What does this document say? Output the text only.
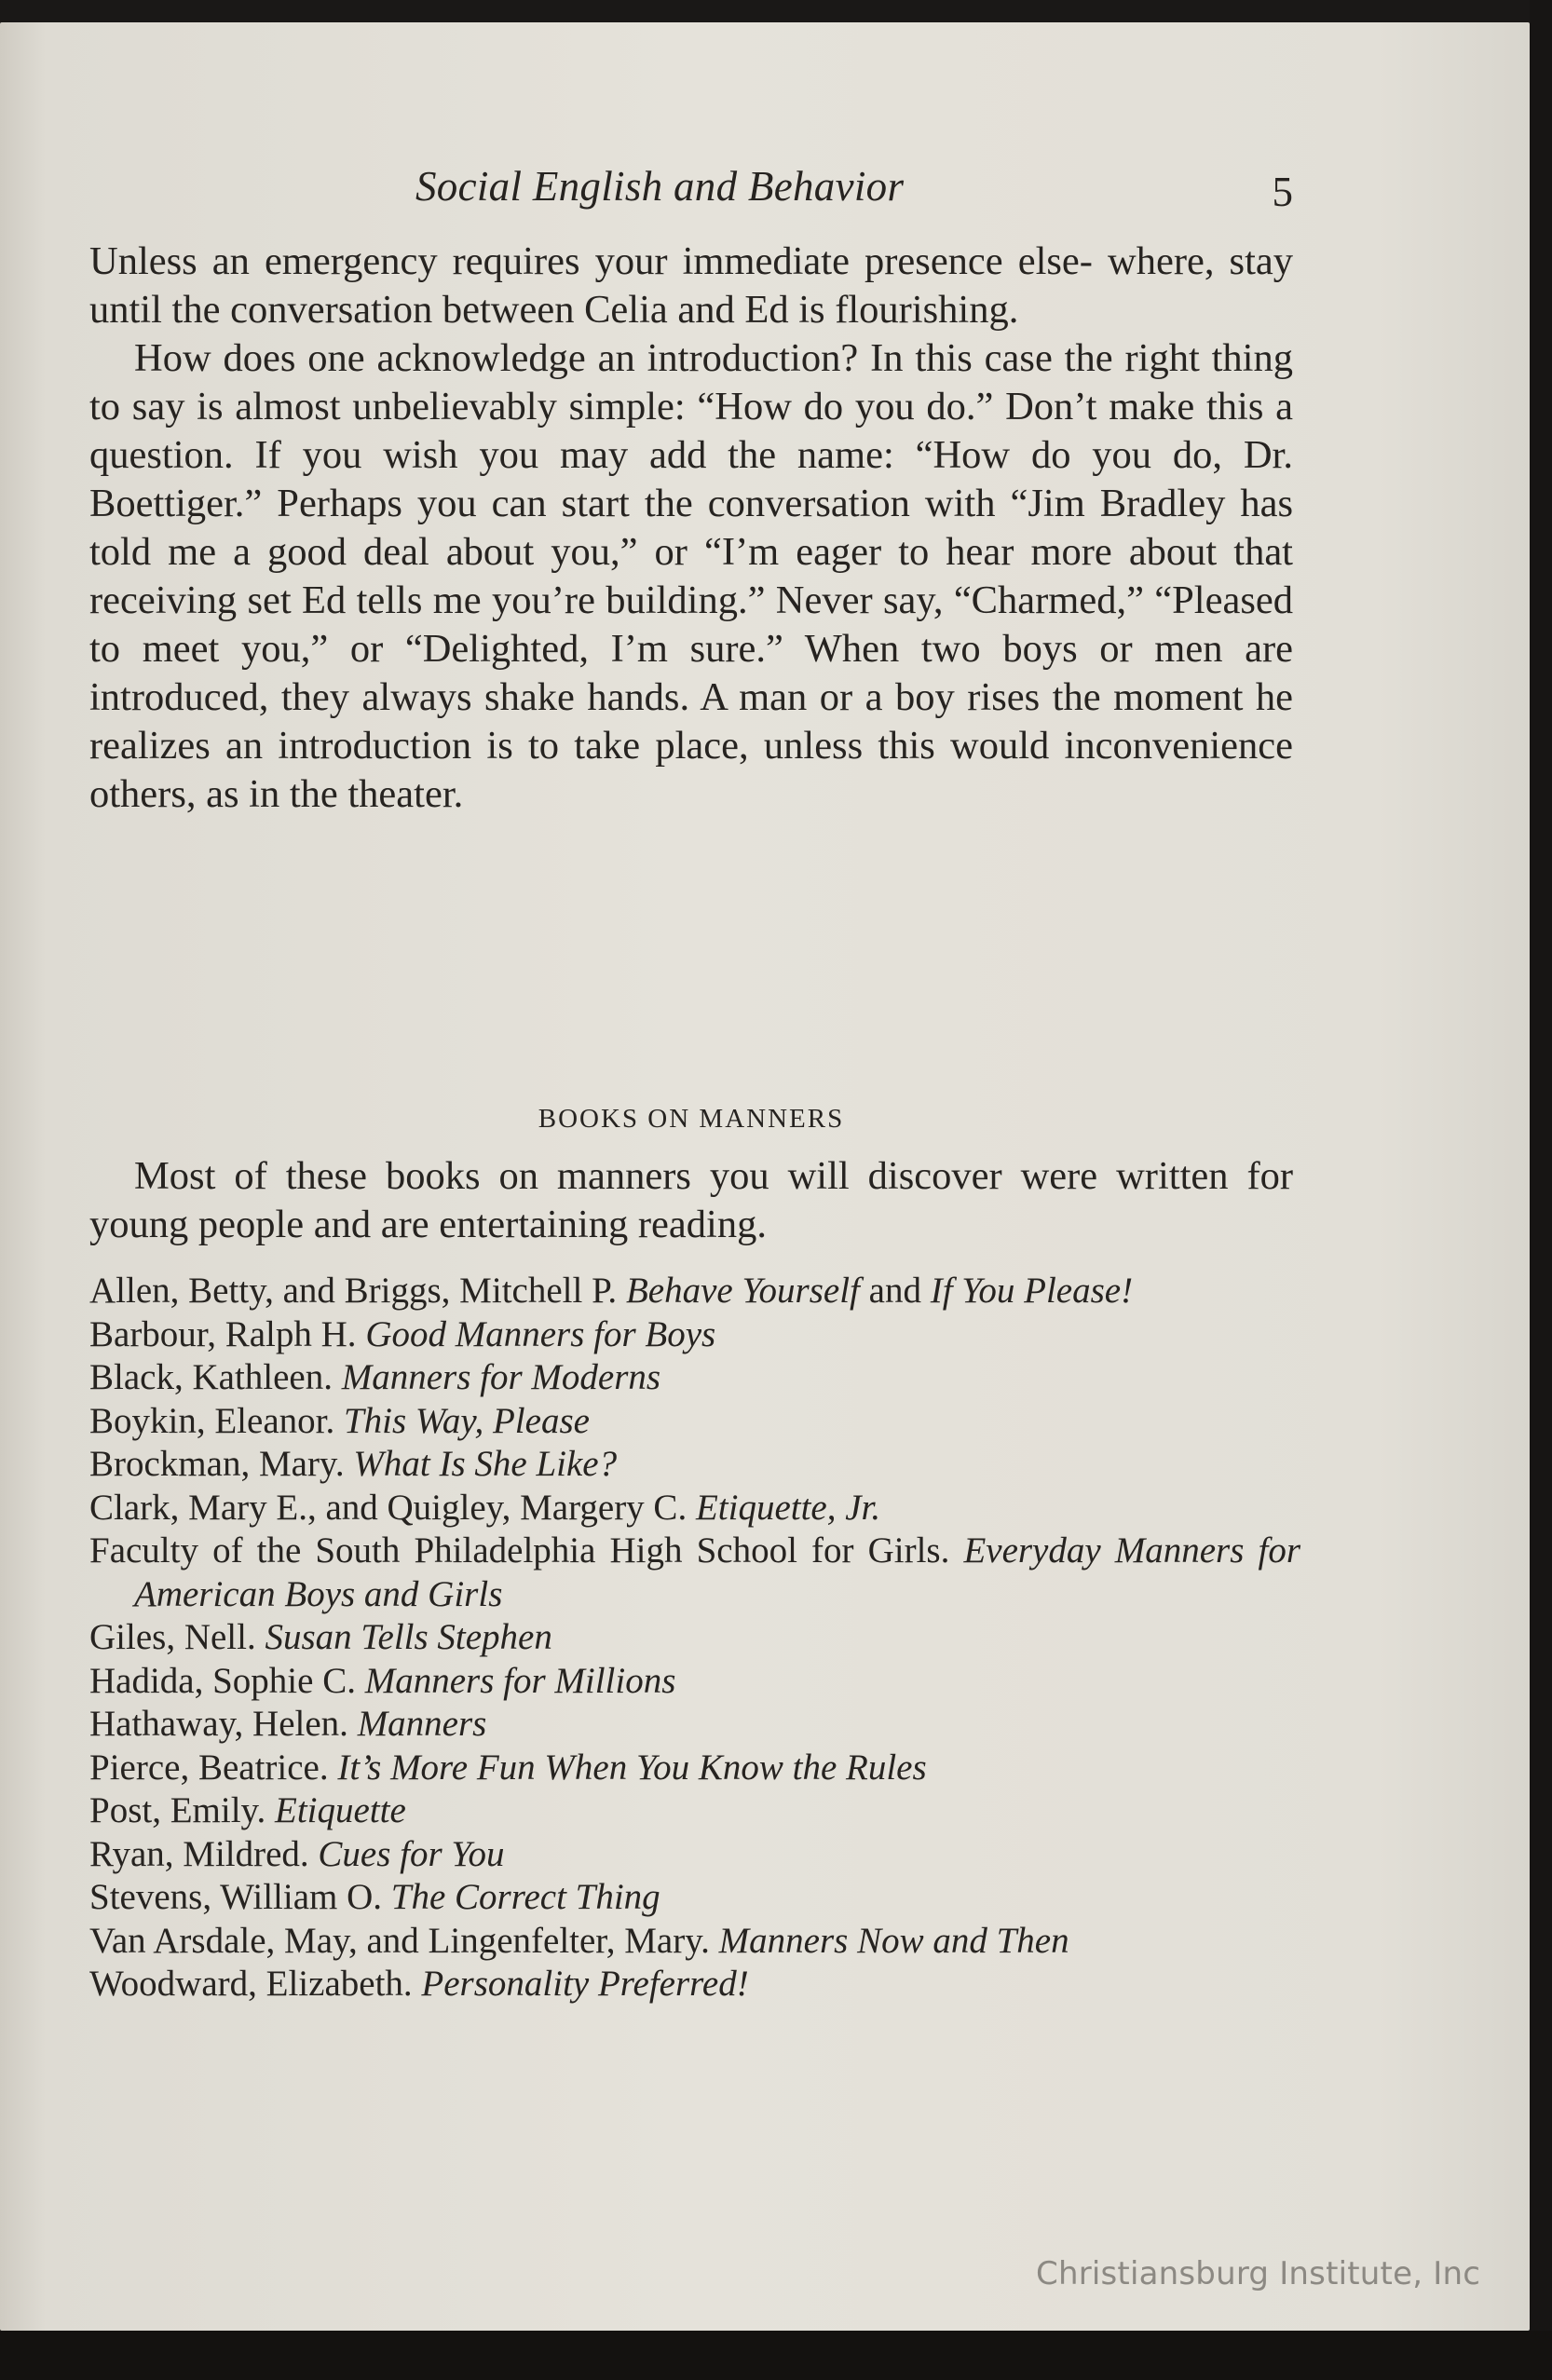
Social English and Behavior	5

Unless an emergency requires your immediate presence else- where, stay until the conversation between Celia and Ed is flourishing.

How does one acknowledge an introduction? In this case the right thing to say is almost unbelievably simple: “How do you do.” Don’t make this a question. If you wish you may add the name: “How do you do, Dr. Boettiger.” Perhaps you can start the conversation with “Jim Bradley has told me a good deal about you,” or “I’m eager to hear more about that receiving set Ed tells me you’re building.” Never say, “Charmed,” “Pleased to meet you,” or “Delighted, I’m sure.” When two boys or men are introduced, they always shake hands. A man or a boy rises the moment he realizes an introduction is to take place, unless this would inconvenience others, as in the theater.

BOOKS ON MANNERS

Most of these books on manners you will discover were written for young people and are entertaining reading.

Allen, Betty, and Briggs, Mitchell P. Behave Yourself and If You Please!
Barbour, Ralph H. Good Manners for Boys
Black, Kathleen. Manners for Moderns
Boykin, Eleanor. This Way, Please
Brockman, Mary. What Is She Like?
Clark, Mary E., and Quigley, Margery C. Etiquette, Jr.
Faculty of the South Philadelphia High School for Girls. Everyday Manners for American Boys and Girls
Giles, Nell. Susan Tells Stephen
Hadida, Sophie C. Manners for Millions
Hathaway, Helen. Manners
Pierce, Beatrice. It’s More Fun When You Know the Rules
Post, Emily. Etiquette
Ryan, Mildred. Cues for You
Stevens, William O. The Correct Thing
Van Arsdale, May, and Lingenfelter, Mary. Manners Now and Then
Woodward, Elizabeth. Personality Preferred!
Christiansburg Institute, Inc
